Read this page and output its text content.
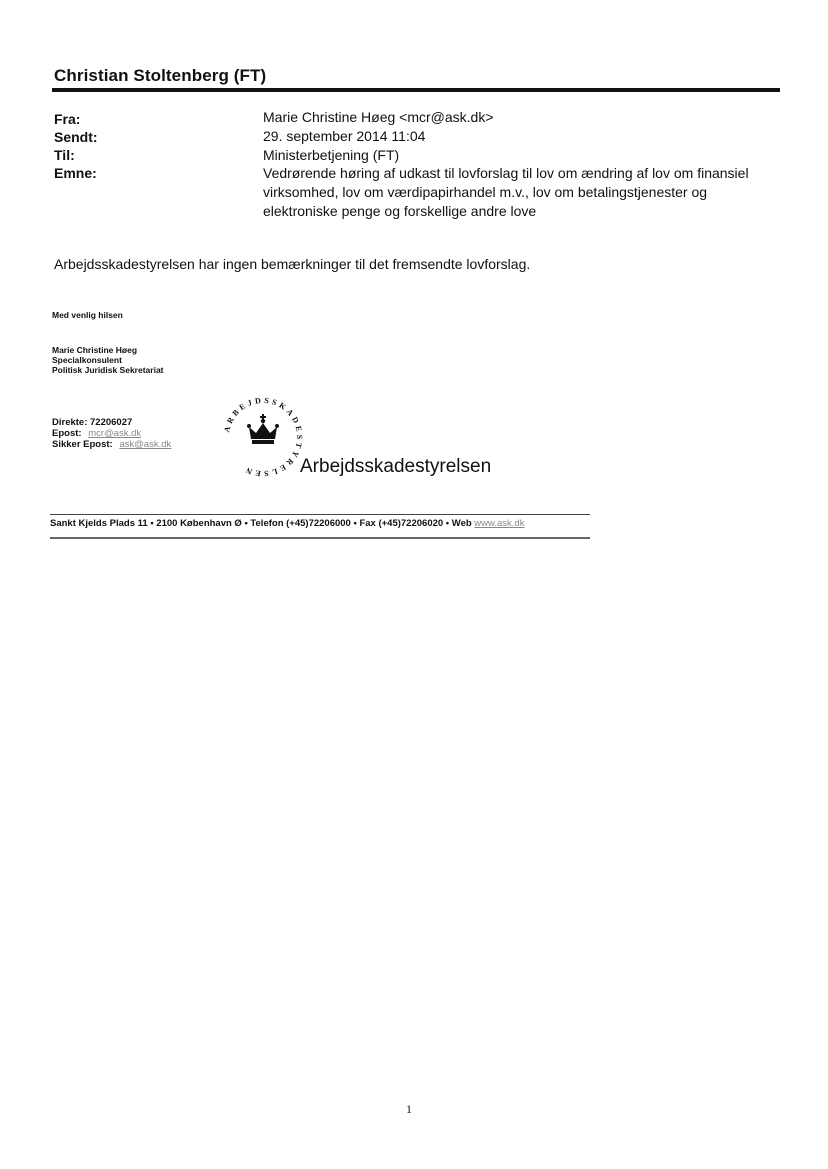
Christian Stoltenberg (FT)
Fra:	Marie Christine Høeg <mcr@ask.dk>
Sendt:	29. september 2014 11:04
Til:	Ministerbetjening (FT)
Emne:	Vedrørende høring af udkast til lovforslag til lov om ændring af lov om finansiel
virksomhed, lov om værdipapirhandel m.v., lov om betalingstjenester og
elektroniske penge og forskellige andre love
Arbejdsskadestyrelsen har ingen bemærkninger til det fremsendte lovforslag.
Med venlig hilsen
Marie Christine Høeg
Specialkonsulent
Politisk Juridisk Sekretariat
Direkte: 72206027
Epost: mcr@ask.dk
Sikker Epost: ask@ask.dk
ARBEJDSSKADESTYRELSEN	Arbejdsskadestyrelsen
Sankt Kjelds Plads 11 • 2100 København Ø • Telefon (+45)72206000 • Fax (+45)72206020 • Web www.ask.dk
1
